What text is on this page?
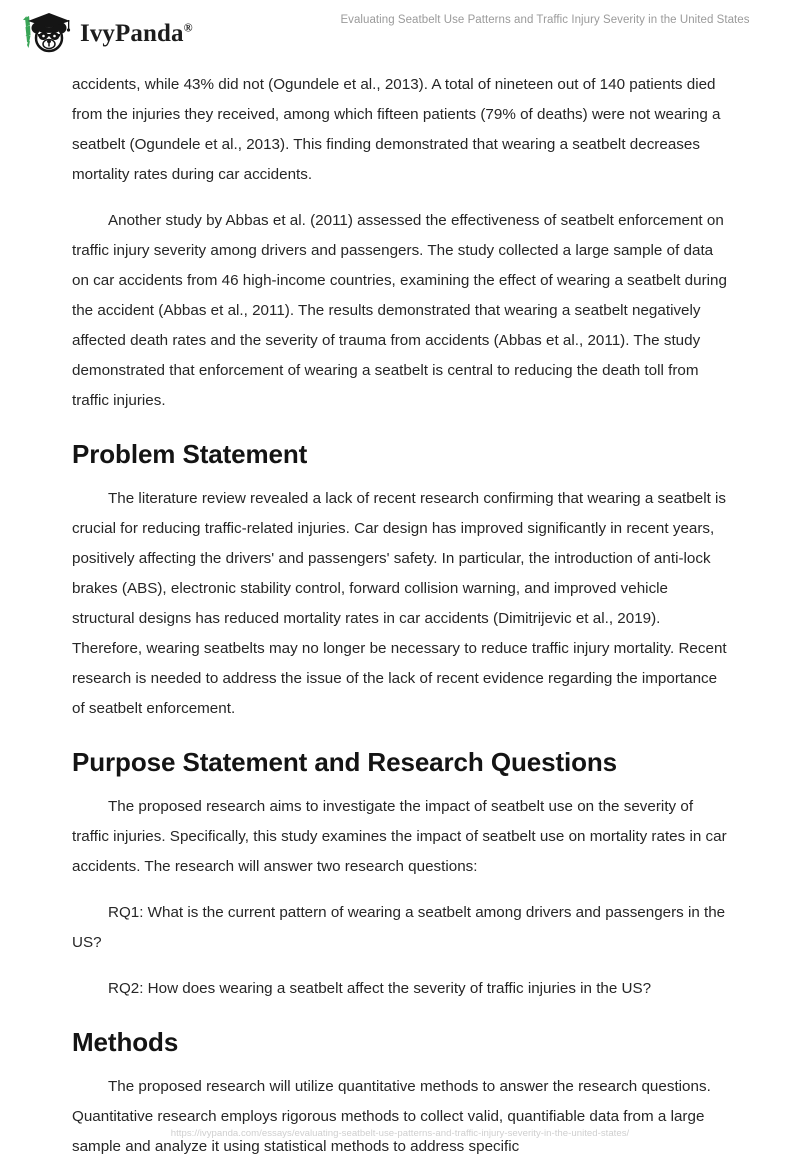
IvyPanda®
Evaluating Seatbelt Use Patterns and Traffic Injury Severity in the United States

accidents, while 43% did not (Ogundele et al., 2013). A total of nineteen out of 140 patients died from the injuries they received, among which fifteen patients (79% of deaths) were not wearing a seatbelt (Ogundele et al., 2013). This finding demonstrated that wearing a seatbelt decreases mortality rates during car accidents.

Another study by Abbas et al. (2011) assessed the effectiveness of seatbelt enforcement on traffic injury severity among drivers and passengers. The study collected a large sample of data on car accidents from 46 high-income countries, examining the effect of wearing a seatbelt during the accident (Abbas et al., 2011). The results demonstrated that wearing a seatbelt negatively affected death rates and the severity of trauma from accidents (Abbas et al., 2011). The study demonstrated that enforcement of wearing a seatbelt is central to reducing the death toll from traffic injuries.

Problem Statement

The literature review revealed a lack of recent research confirming that wearing a seatbelt is crucial for reducing traffic-related injuries. Car design has improved significantly in recent years, positively affecting the drivers' and passengers' safety. In particular, the introduction of anti-lock brakes (ABS), electronic stability control, forward collision warning, and improved vehicle structural designs has reduced mortality rates in car accidents (Dimitrijevic et al., 2019). Therefore, wearing seatbelts may no longer be necessary to reduce traffic injury mortality. Recent research is needed to address the issue of the lack of recent evidence regarding the importance of seatbelt enforcement.

Purpose Statement and Research Questions

The proposed research aims to investigate the impact of seatbelt use on the severity of traffic injuries. Specifically, this study examines the impact of seatbelt use on mortality rates in car accidents. The research will answer two research questions:

RQ1: What is the current pattern of wearing a seatbelt among drivers and passengers in the US?

RQ2: How does wearing a seatbelt affect the severity of traffic injuries in the US?

Methods

The proposed research will utilize quantitative methods to answer the research questions. Quantitative research employs rigorous methods to collect valid, quantifiable data from a large sample and analyze it using statistical methods to address specific

https://ivypanda.com/essays/evaluating-seatbelt-use-patterns-and-traffic-injury-severity-in-the-united-states/
